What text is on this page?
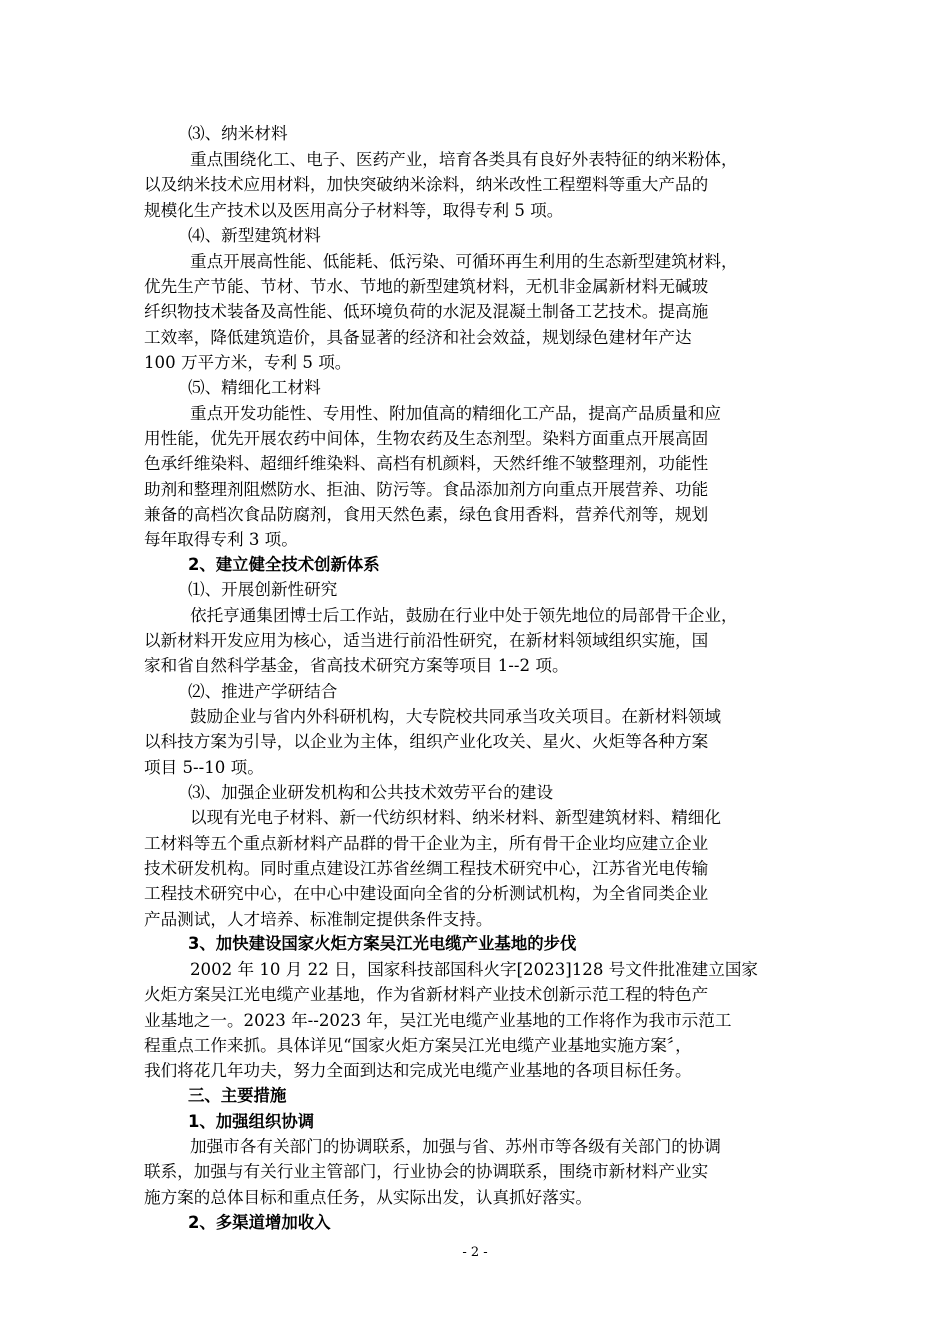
⑶、纳米材料
重点围绕化工、电子、医药产业，培育各类具有良好外表特征的纳米粉体，
以及纳米技术应用材料，加快突破纳米涂料，纳米改性工程塑料等重大产品的
规模化生产技术以及医用高分子材料等，取得专利 5 项。
⑷、新型建筑材料
重点开展高性能、低能耗、低污染、可循环再生利用的生态新型建筑材料，
优先生产节能、节材、节水、节地的新型建筑材料，无机非金属新材料无碱玻
纤织物技术装备及高性能、低环境负荷的水泥及混凝土制备工艺技术。提高施
工效率，降低建筑造价，具备显著的经济和社会效益，规划绿色建材年产达
100 万平方米，专利 5 项。
⑸、精细化工材料
重点开发功能性、专用性、附加值高的精细化工产品，提高产品质量和应
用性能，优先开展农药中间体，生物农药及生态剂型。染料方面重点开展高固
色承纤维染料、超细纤维染料、高档有机颜料，天然纤维不皱整理剂，功能性
助剂和整理剂阻燃防水、拒油、防污等。食品添加剂方向重点开展营养、功能
兼备的高档次食品防腐剂，食用天然色素，绿色食用香料，营养代剂等，规划
每年取得专利 3 项。
2、建立健全技术创新体系
⑴、开展创新性研究
依托亨通集团博士后工作站，鼓励在行业中处于领先地位的局部骨干企业，
以新材料开发应用为核心，适当进行前沿性研究，在新材料领域组织实施，国
家和省自然科学基金，省高技术研究方案等项目 1--2 项。
⑵、推进产学研结合
鼓励企业与省内外科研机构，大专院校共同承当攻关项目。在新材料领域
以科技方案为引导，以企业为主体，组织产业化攻关、星火、火炬等各种方案
项目 5--10 项。
⑶、加强企业研发机构和公共技术效劳平台的建设
以现有光电子材料、新一代纺织材料、纳米材料、新型建筑材料、精细化
工材料等五个重点新材料产品群的骨干企业为主，所有骨干企业均应建立企业
技术研发机构。同时重点建设江苏省丝绸工程技术研究中心，江苏省光电传输
工程技术研究中心，在中心中建设面向全省的分析测试机构，为全省同类企业
产品测试，人才培养、标准制定提供条件支持。
3、加快建设国家火炬方案吴江光电缆产业基地的步伐
2002 年 10 月 22 日，国家科技部国科火字[2023]128 号文件批准建立国家
火炬方案吴江光电缆产业基地，作为省新材料产业技术创新示范工程的特色产
业基地之一。2023 年--2023 年，吴江光电缆产业基地的工作将作为我市示范工
程重点工作来抓。具体详见“国家火炬方案吴江光电缆产业基地实施方案〞，
我们将花几年功夫，努力全面到达和完成光电缆产业基地的各项目标任务。
三、主要措施
1、加强组织协调
加强市各有关部门的协调联系，加强与省、苏州市等各级有关部门的协调
联系，加强与有关行业主管部门，行业协会的协调联系，围绕市新材料产业实
施方案的总体目标和重点任务，从实际出发，认真抓好落实。
2、多渠道增加收入
- 2 -
